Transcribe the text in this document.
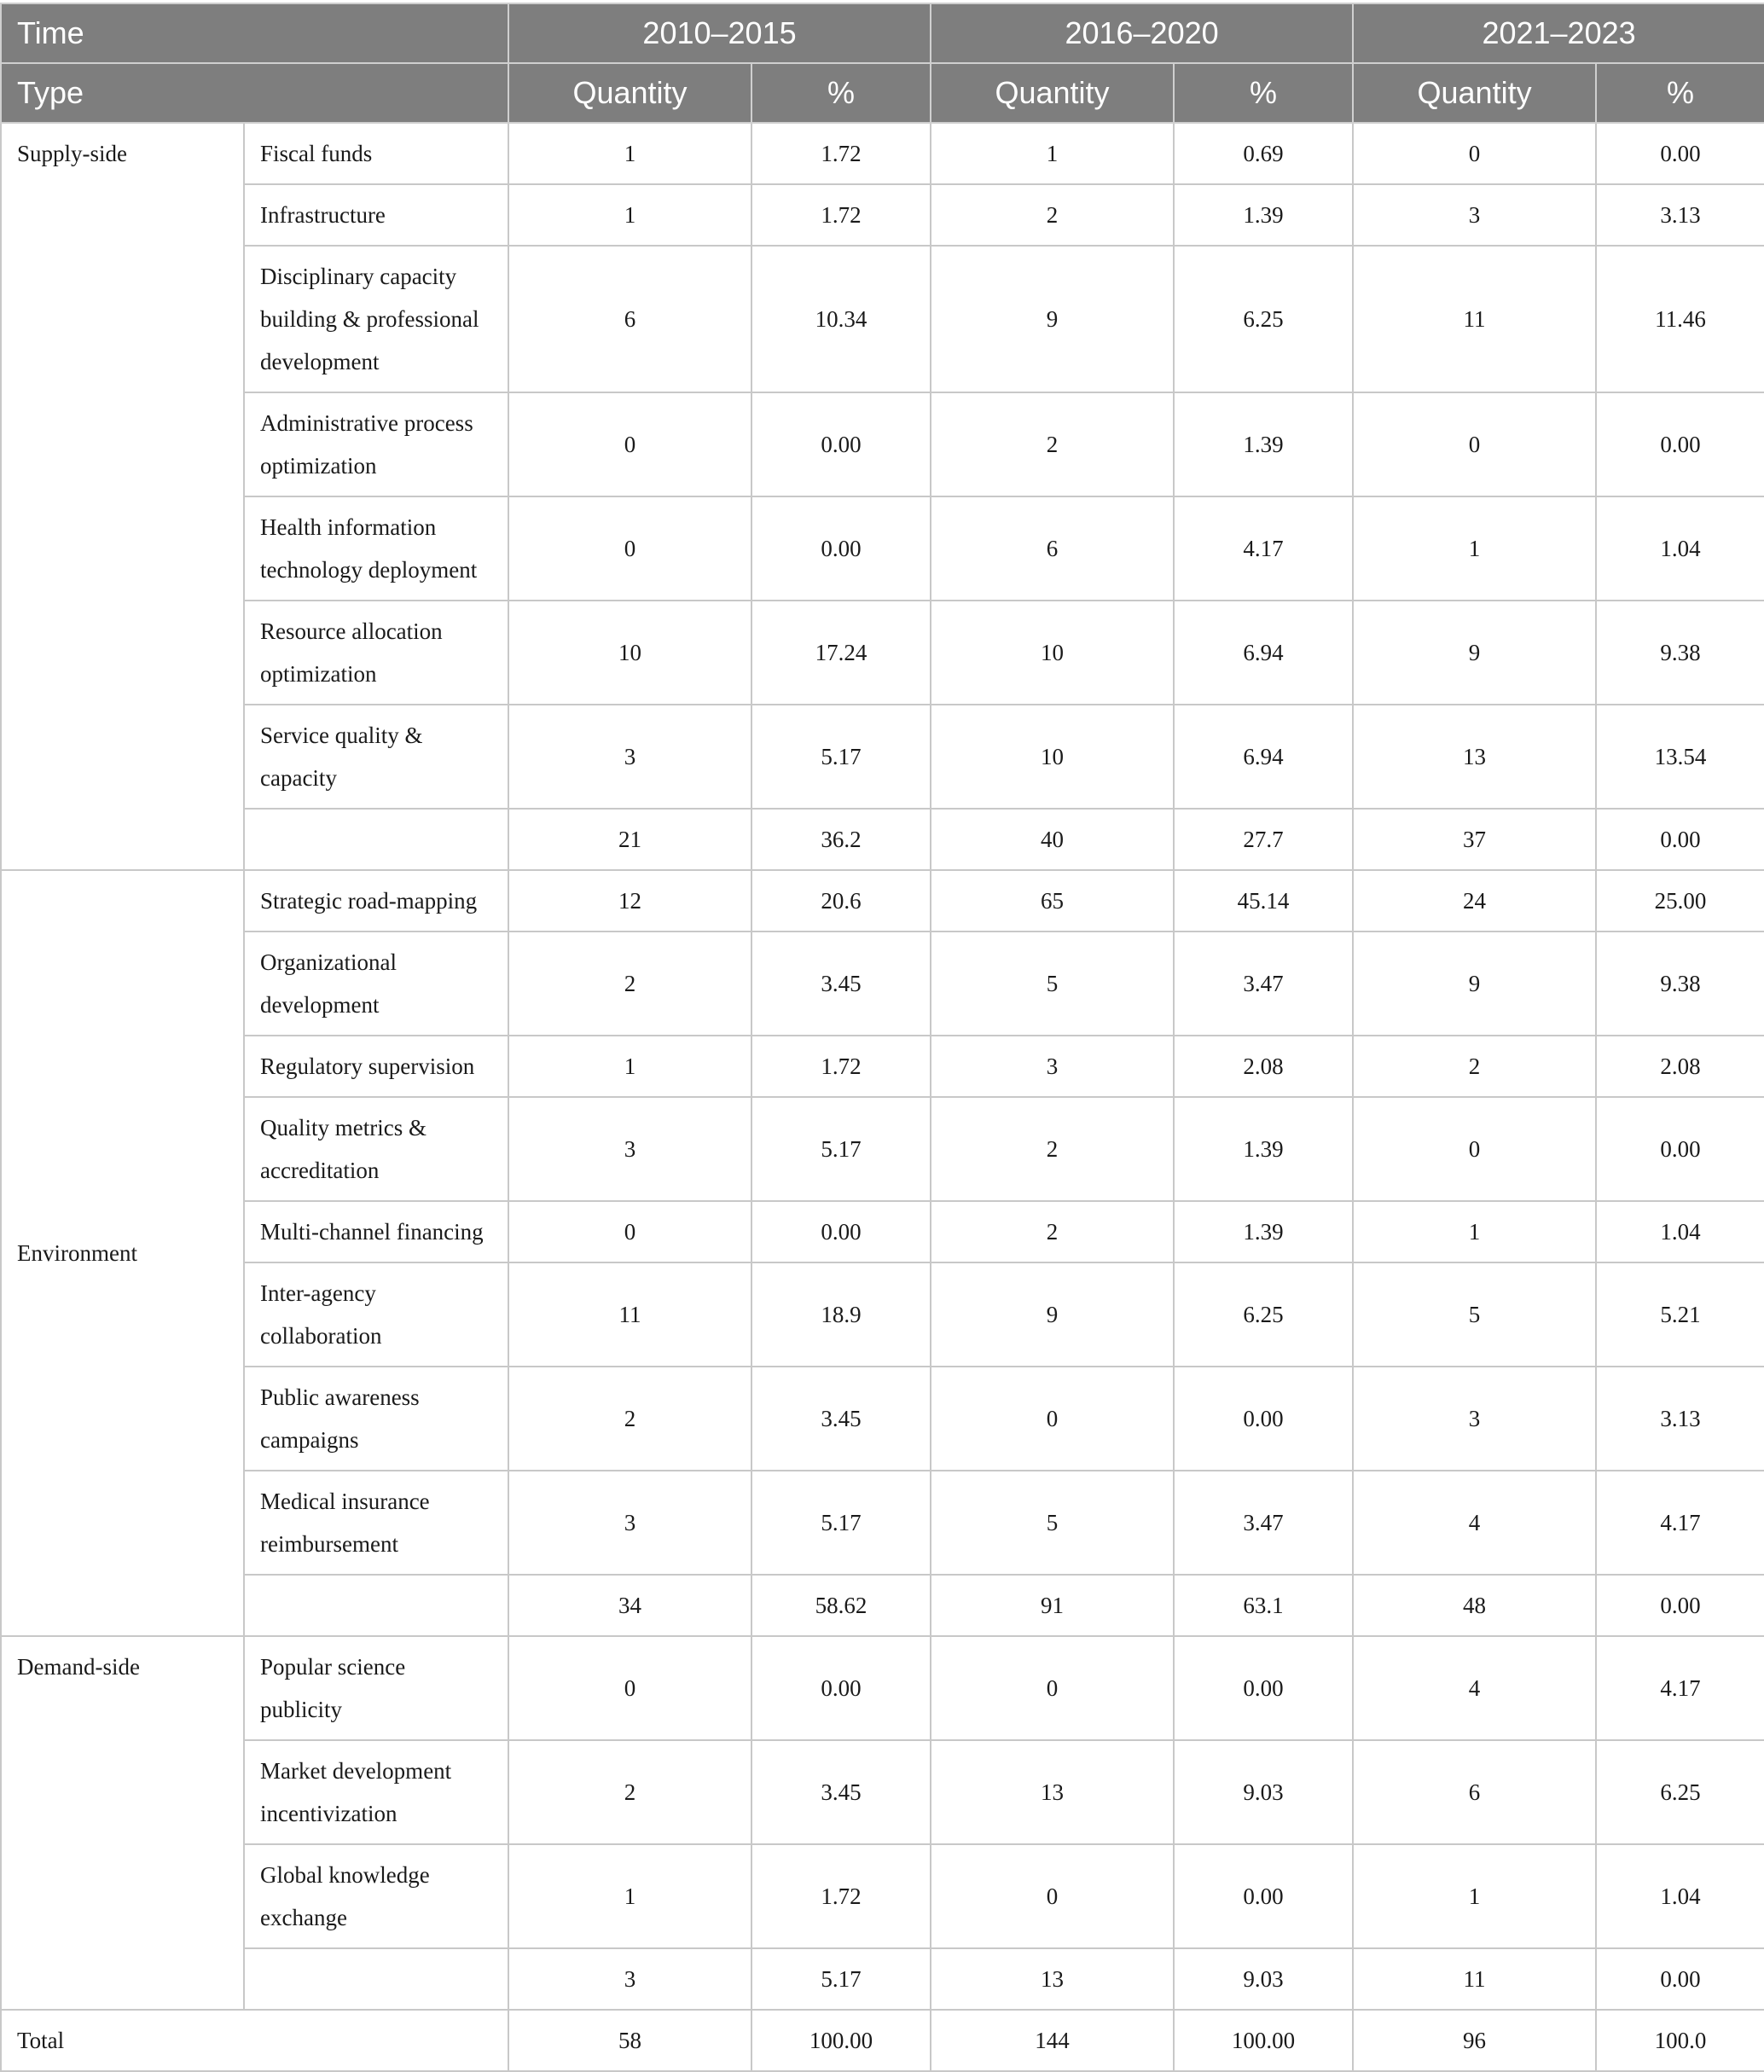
Time		2010–2015		2016–2020		2021–2023	
Type		Quantity	%	Quantity	%	Quantity	%
Supply-side	Fiscal funds	1	1.72	1	0.69	0	0.00
	Infrastructure	1	1.72	2	1.39	3	3.13
	Disciplinary capacity building & professional development	6	10.34	9	6.25	11	11.46
	Administrative process optimization	0	0.00	2	1.39	0	0.00
	Health information technology deployment	0	0.00	6	4.17	1	1.04
	Resource allocation optimization	10	17.24	10	6.94	9	9.38
	Service quality & capacity	3	5.17	10	6.94	13	13.54
		21	36.2	40	27.7	37	0.00
Environment	Strategic road-mapping	12	20.6	65	45.14	24	25.00
	Organizational development	2	3.45	5	3.47	9	9.38
	Regulatory supervision	1	1.72	3	2.08	2	2.08
	Quality metrics & accreditation	3	5.17	2	1.39	0	0.00
	Multi-channel financing	0	0.00	2	1.39	1	1.04
	Inter-agency collaboration	11	18.9	9	6.25	5	5.21
	Public awareness campaigns	2	3.45	0	0.00	3	3.13
	Medical insurance reimbursement	3	5.17	5	3.47	4	4.17
		34	58.62	91	63.1	48	0.00
Demand-side	Popular science publicity	0	0.00	0	0.00	4	4.17
	Market development incentivization	2	3.45	13	9.03	6	6.25
	Global knowledge exchange	1	1.72	0	0.00	1	1.04
		3	5.17	13	9.03	11	0.00
Total		58	100.00	144	100.00	96	100.0
